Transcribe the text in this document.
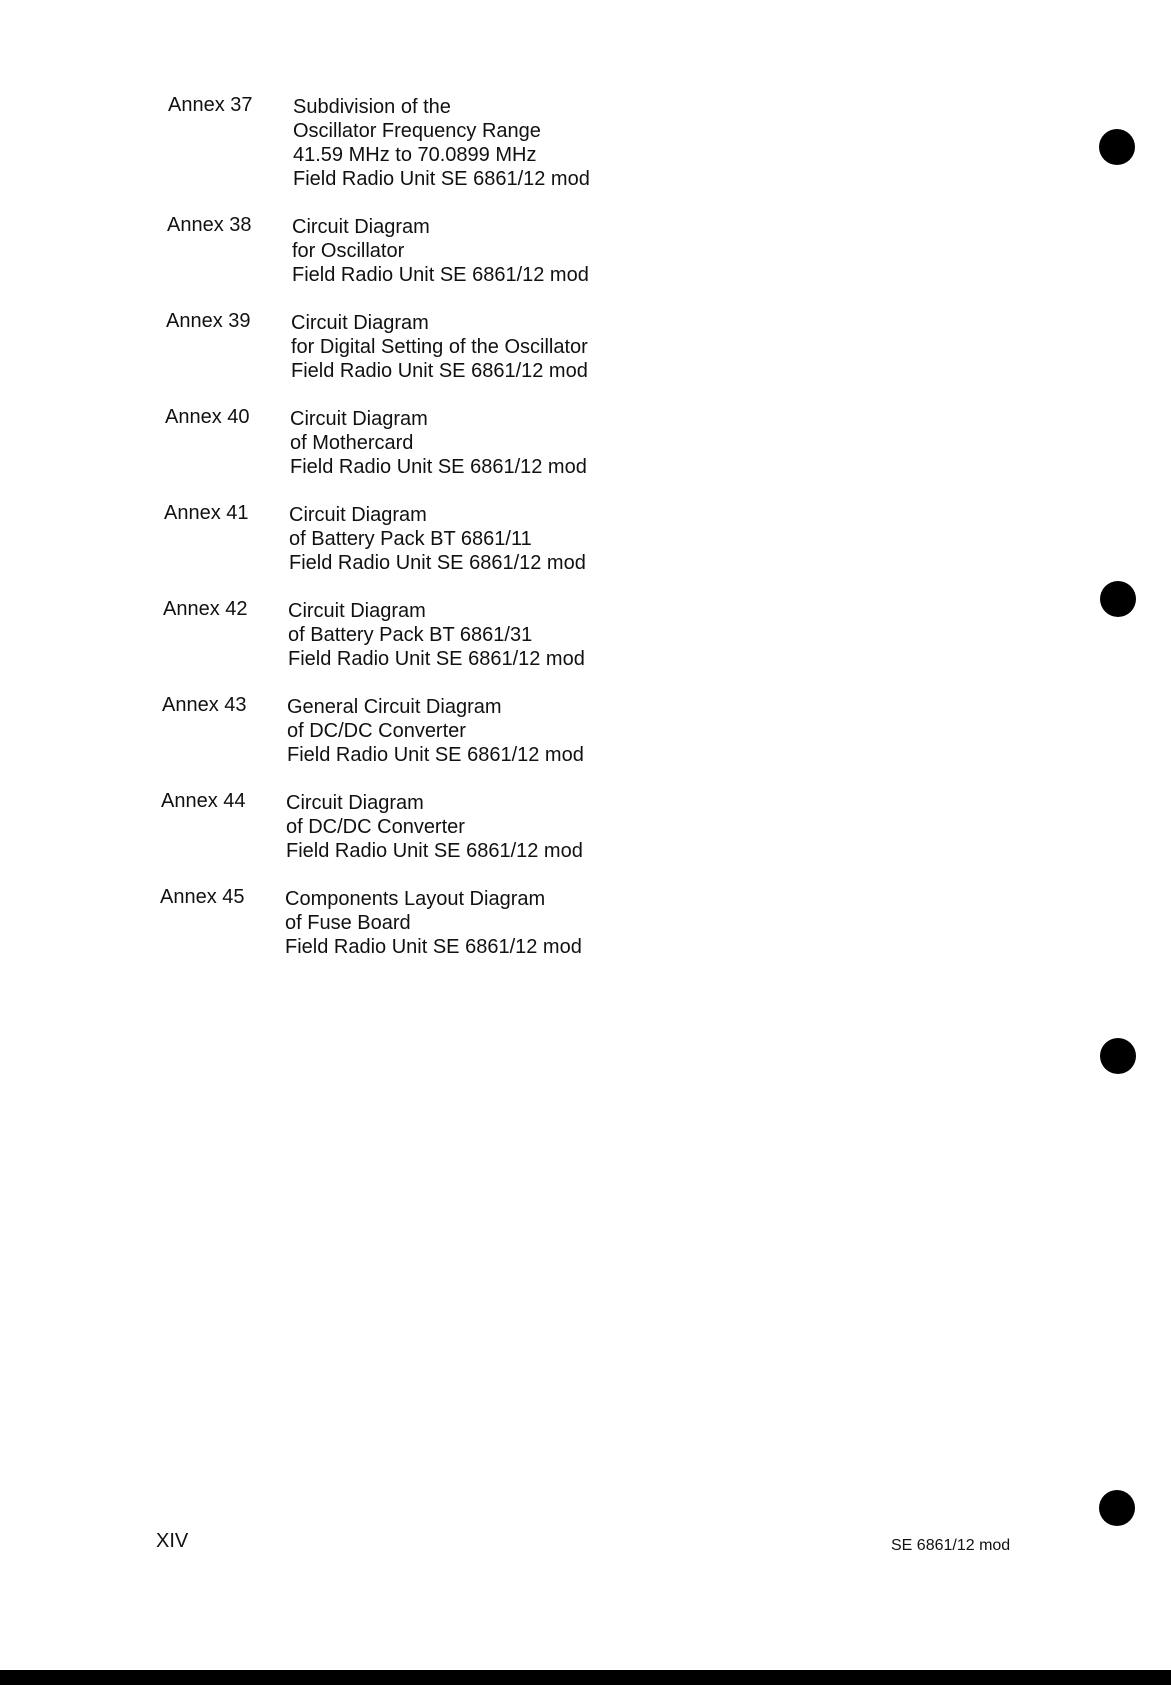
Annex 37 Subdivision of the
Oscillator Frequency Range
41.59 MHz to 70.0899 MHz
Field Radio Unit SE 6861/12 mod
Annex 38 Circuit Diagram
for Oscillator
Field Radio Unit SE 6861/12 mod
Annex 39 Circuit Diagram
for Digital Setting of the Oscillator
Field Radio Unit SE 6861/12 mod
Annex 40 Circuit Diagram
of Mothercard
Field Radio Unit SE 6861/12 mod
Annex 41 Circuit Diagram
of Battery Pack BT 6861/11
Field Radio Unit SE 6861/12 mod
Annex 42 Circuit Diagram
of Battery Pack BT 6861/31
Field Radio Unit SE 6861/12 mod
Annex 43 General Circuit Diagram
of DC/DC Converter
Field Radio Unit SE 6861/12 mod
Annex 44 Circuit Diagram
of DC/DC Converter
Field Radio Unit SE 6861/12 mod
Annex 45 Components Layout Diagram
of Fuse Board
Field Radio Unit SE 6861/12 mod
XIV	SE 6861/12 mod
